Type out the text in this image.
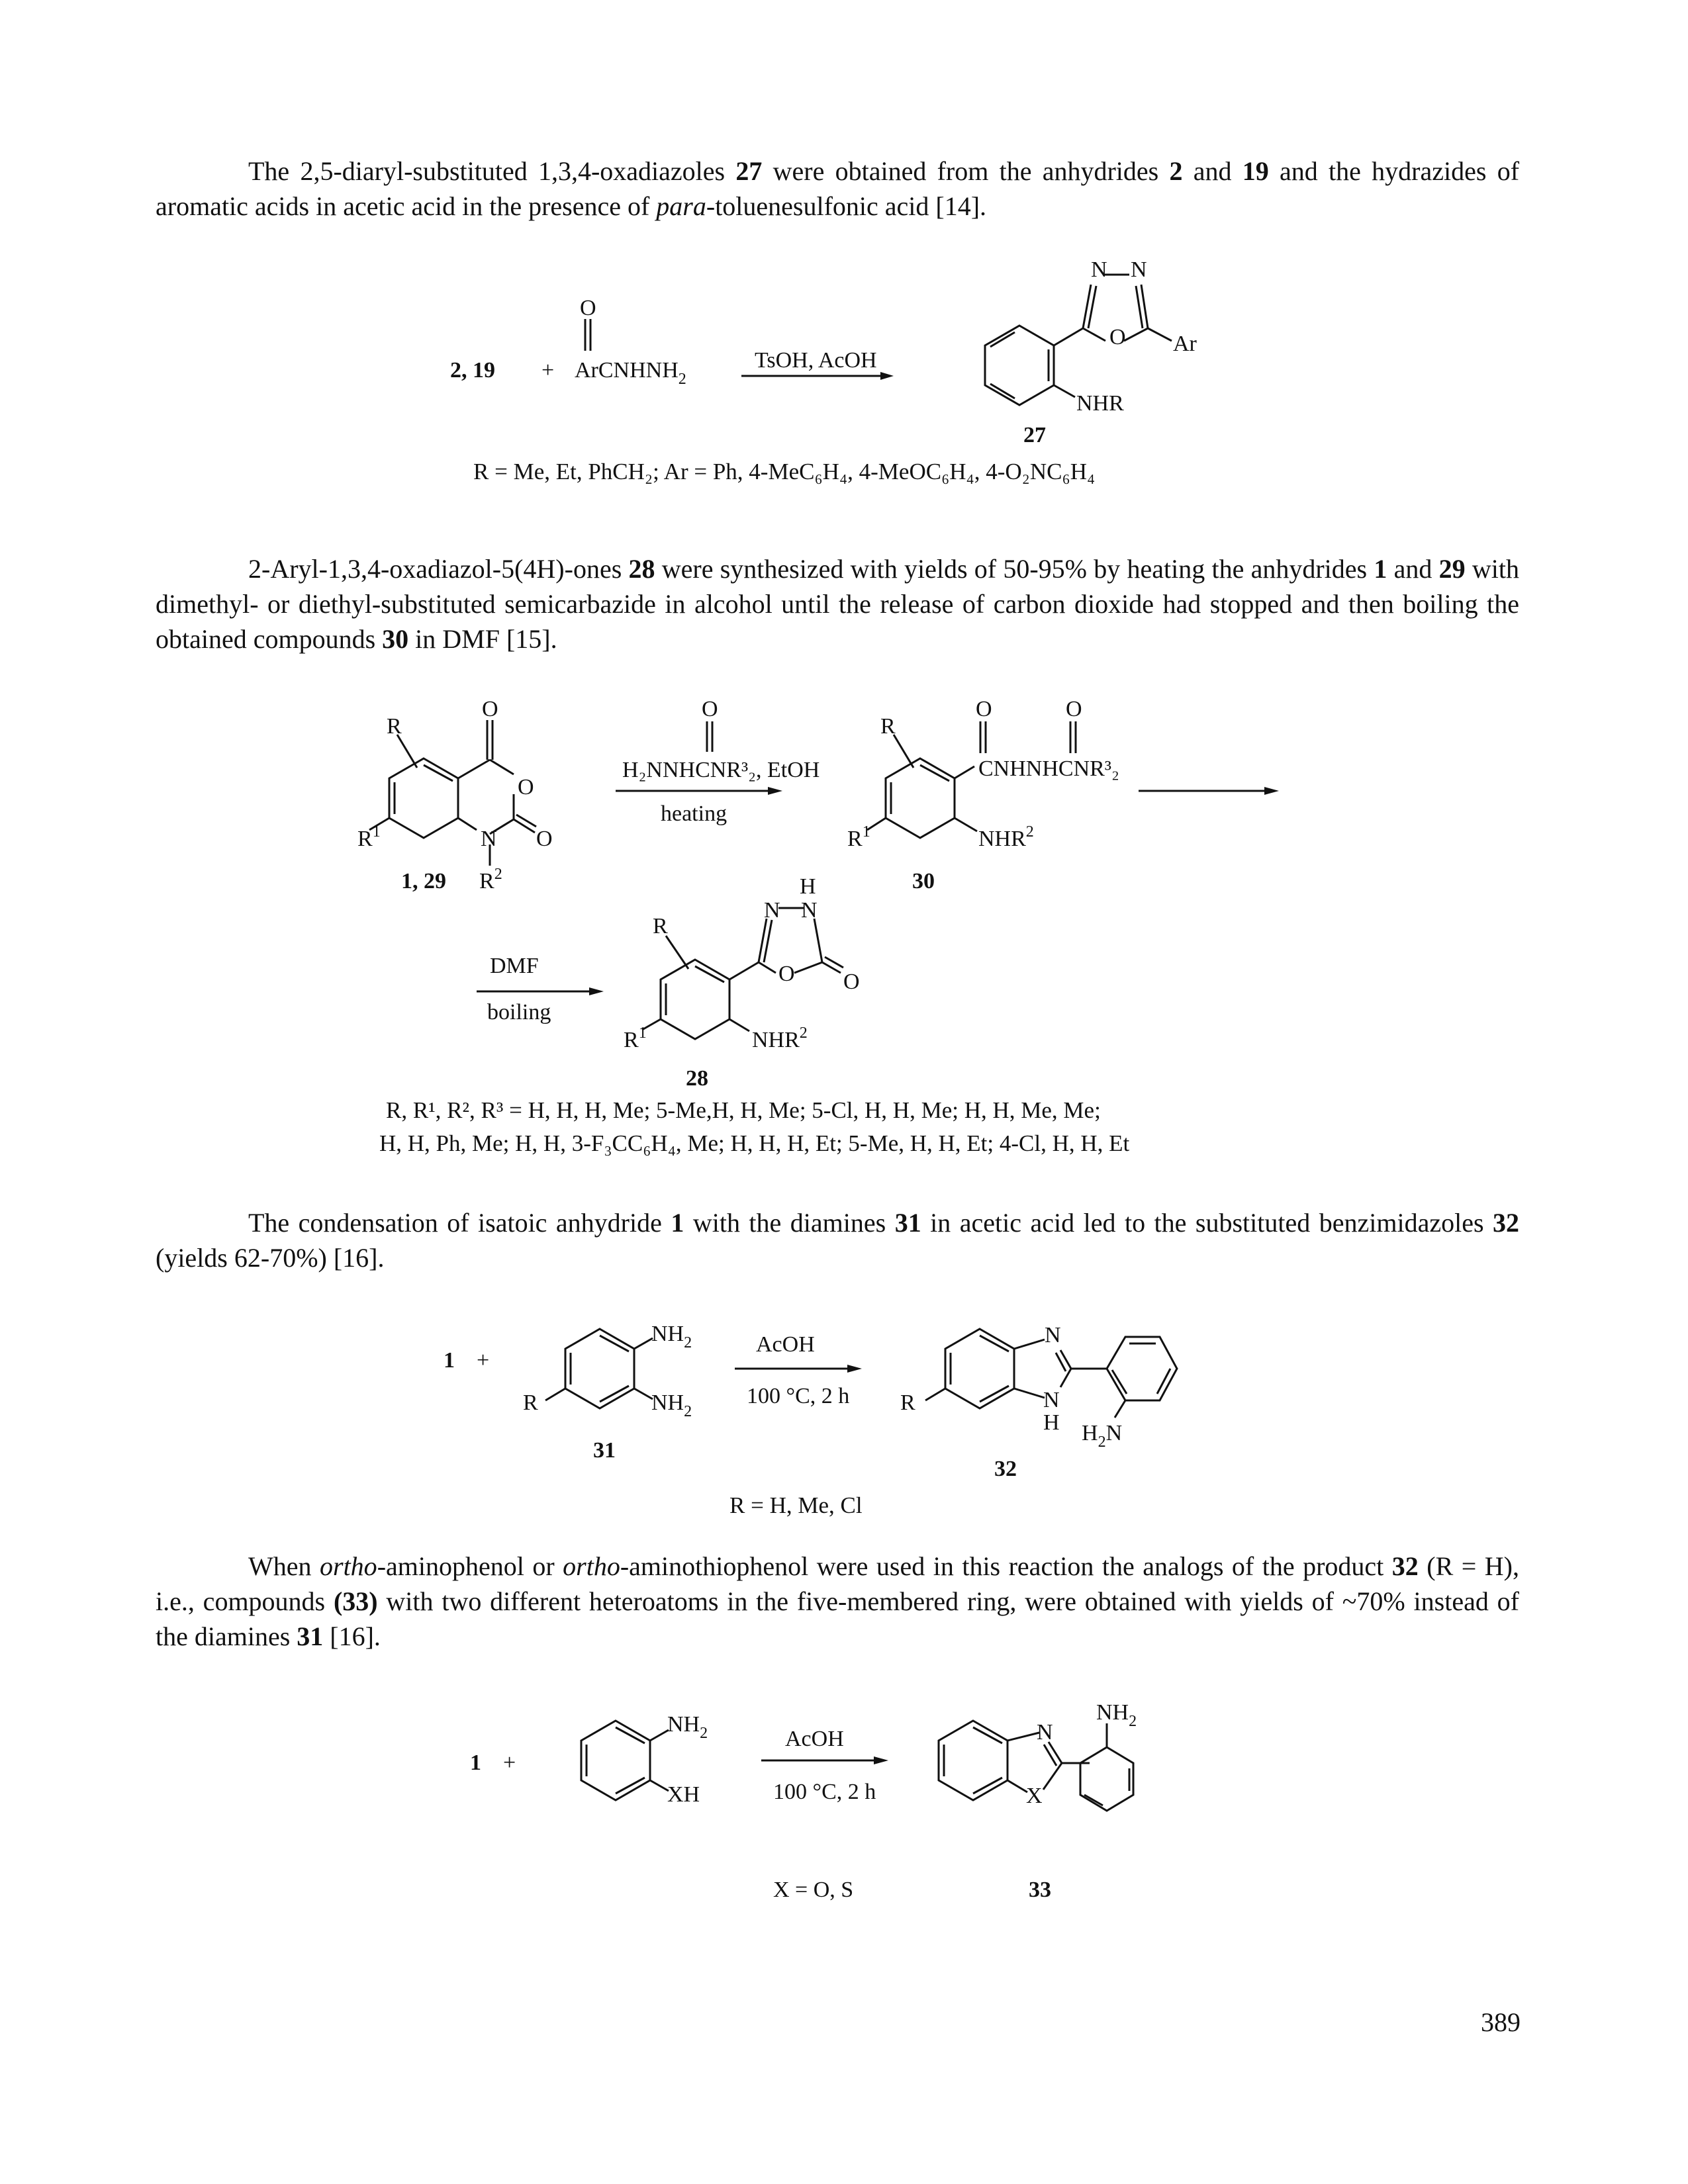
The 2,5-diaryl-substituted 1,3,4-oxadiazoles 27 were obtained from the anhydrides 2 and 19 and the hydrazides of aromatic acids in acetic acid in the presence of para-toluenesulfonic acid [14].

2, 19 +
O
ArCNHNH$_2$
TsOH, AcOH
N N
O Ar
NHR
27
R = Me, Et, PhCH₂; Ar = Ph, 4-MeC₆H₄, 4-MeOC₆H₄, 4-O₂NC₆H₄

2-Aryl-1,3,4-oxadiazol-5(4H)-ones 28 were synthesized with yields of 50-95% by heating the anhydrides 1 and 29 with dimethyl- or diethyl-substituted semicarbazide in alcohol until the release of carbon dioxide had stopped and then boiling the obtained compounds 30 in DMF [15].

R
O
O
O
N
$R^2$
$R^1$
1, 29
O
H₂NNHCNR³₂, EtOH
heating
R
O	O
CNHNHCNR³₂
$R^1$	NHR$^2$
30
DMF
boiling
R
H
N N
O O
$R^1$	NHR$^2$
28
R, R¹, R², R³ = H, H, H, Me; 5-Me,H, H, Me; 5-Cl, H, H, Me; H, H, Me, Me;
H, H, Ph, Me; H, H, 3-F₃CC₆H₄, Me; H, H, H, Et; 5-Me, H, H, Et; 4-Cl, H, H, Et

The condensation of isatoic anhydride 1 with the diamines 31 in acetic acid led to the substituted benzimidazoles 32 (yields 62-70%) [16].

1 +
$NH_2$
$NH_2$
R
31
AcOH
100 °C, 2 h R
N
N
H $H_2N$
32
R = H, Me, Cl

When ortho-aminophenol or ortho-aminothiophenol were used in this reaction the analogs of the product 32 (R = H), i.e., compounds (33) with two different heteroatoms in the five-membered ring, were obtained with yields of ~70% instead of the diamines 31 [16].

1 +
$NH_2$
XH
AcOH
100 °C, 2 h
N
X
$NH_2$
X = O, S	33
389
